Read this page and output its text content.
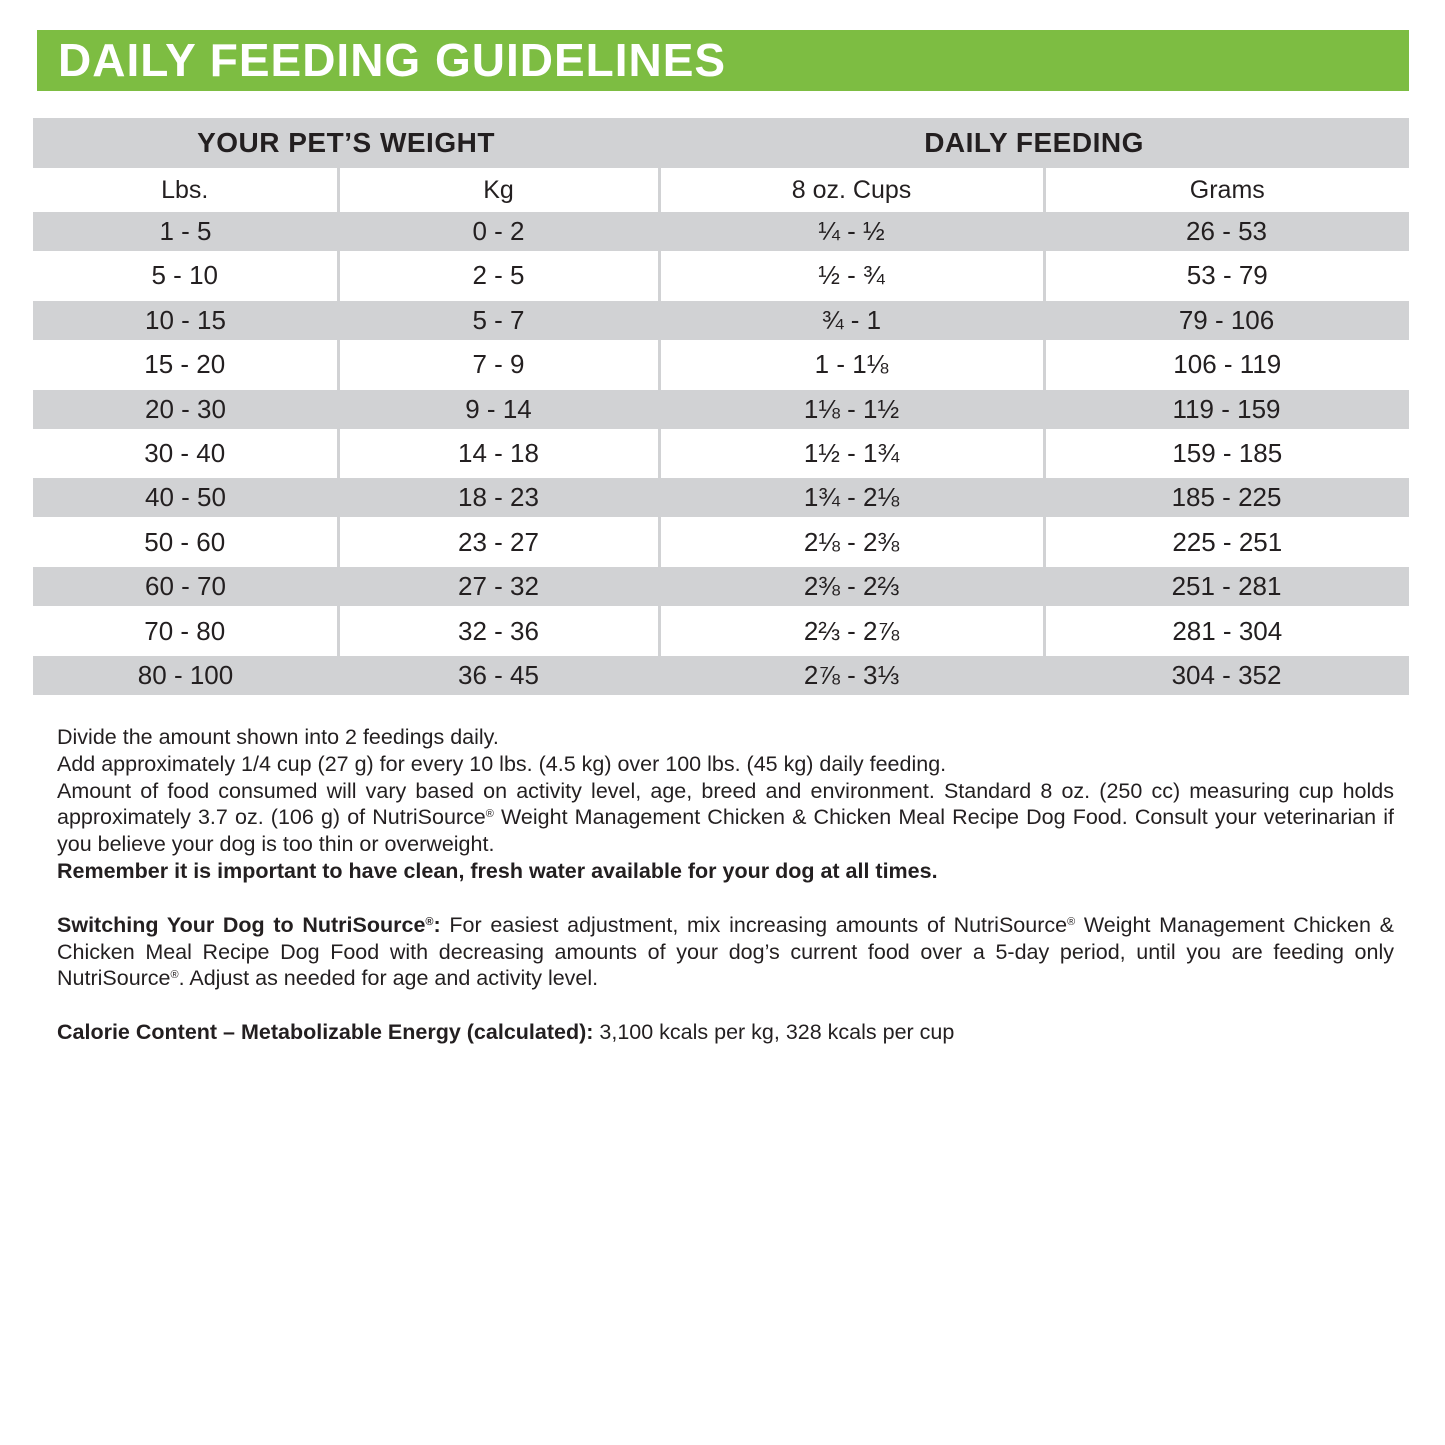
DAILY FEEDING GUIDELINES
YOUR PET’S WEIGHT		DAILY FEEDING	
Lbs.	Kg	8 oz. Cups	Grams
1 - 5	0 - 2	¼ - ½	26 - 53
5 - 10	2 - 5	½ - ¾	53 - 79
10 - 15	5 - 7	¾ - 1	79 - 106
15 - 20	7 - 9	1 - 1⅛	106 - 119
20 - 30	9 - 14	1⅛ - 1½	119 - 159
30 - 40	14 - 18	1½ - 1¾	159 - 185
40 - 50	18 - 23	1¾ - 2⅛	185 - 225
50 - 60	23 - 27	2⅛ - 2⅜	225 - 251
60 - 70	27 - 32	2⅜ - 2⅔	251 - 281
70 - 80	32 - 36	2⅔ - 2⅞	281 - 304
80 - 100	36 - 45	2⅞ - 3⅓	304 - 352

Divide the amount shown into 2 feedings daily.

Add approximately 1/4 cup (27 g) for every 10 lbs. (4.5 kg) over 100 lbs. (45 kg) daily feeding.

Amount of food consumed will vary based on activity level, age, breed and environment. Standard 8 oz. (250 cc) measuring cup holds approximately 3.7 oz. (106 g) of NutriSource® Weight Management Chicken & Chicken Meal Recipe Dog Food. Consult your veterinarian if you believe your dog is too thin or overweight.

Remember it is important to have clean, fresh water available for your dog at all times.

Switching Your Dog to NutriSource®: For easiest adjustment, mix increasing amounts of NutriSource® Weight Management Chicken & Chicken Meal Recipe Dog Food with decreasing amounts of your dog’s current food over a 5-day period, until you are feeding only NutriSource®. Adjust as needed for age and activity level.

Calorie Content – Metabolizable Energy (calculated): 3,100 kcals per kg, 328 kcals per cup
